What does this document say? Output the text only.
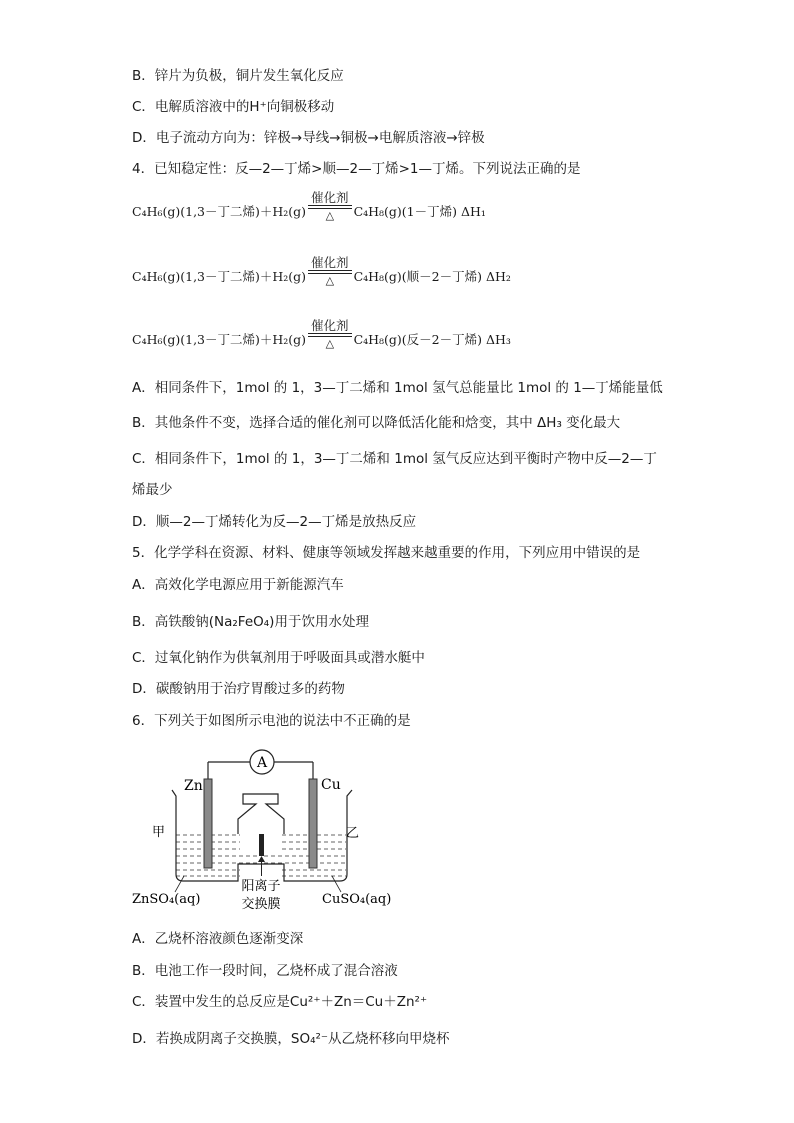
B．锌片为负极，铜片发生氧化反应
C．电解质溶液中的H⁺向铜极移动
D．电子流动方向为：锌极→导线→铜极→电解质溶液→锌极
4．已知稳定性：反—2—丁烯>顺—2—丁烯>1—丁烯。下列说法正确的是
C₄H₆(g)(1,3－丁二烯)$+H_2(g) \frac{\text{催化剂}}{\triangle} C_4H_8(g)(1-$丁烯) ΔH₁
C₄H₆(g)(1,3－丁二烯)$+H_2(g) \frac{\text{催化剂}}{\triangle} C_4H_8(g)$(顺－2－丁烯) ΔH₂
C₄H₆(g)(1,3－丁二烯)$+H_2(g) \frac{\text{催化剂}}{\triangle} C_4H_8(g)$(反－2－丁烯) ΔH₃
A．相同条件下，1mol 的 1，3—丁二烯和 1mol 氢气总能量比 1mol 的 1—丁烯能量低
B．其他条件不变，选择合适的催化剂可以降低活化能和焓变，其中 ΔH₃ 变化最大
C．相同条件下，1mol 的 1，3—丁二烯和 1mol 氢气反应达到平衡时产物中反—2—丁
烯最少
D．顺—2—丁烯转化为反—2—丁烯是放热反应
5．化学学科在资源、材料、健康等领域发挥越来越重要的作用，下列应用中错误的是
A．高效化学电源应用于新能源汽车
B．高铁酸钠(Na₂FeO₄)用于饮用水处理
C．过氧化钠作为供氧剂用于呼吸面具或潜水艇中
D．碳酸钠用于治疗胃酸过多的药物
6．下列关于如图所示电池的说法中不正确的是
A
Zn	Cu
甲	乙
ZnSO₄(aq)	CuSO₄(aq)
阳离子
交换膜
A．乙烧杯溶液颜色逐渐变深
B．电池工作一段时间，乙烧杯成了混合溶液
C．装置中发生的总反应是Cu²⁺＋Zn＝Cu＋Zn²⁺
D．若换成阴离子交换膜，SO₄²⁻从乙烧杯移向甲烧杯
